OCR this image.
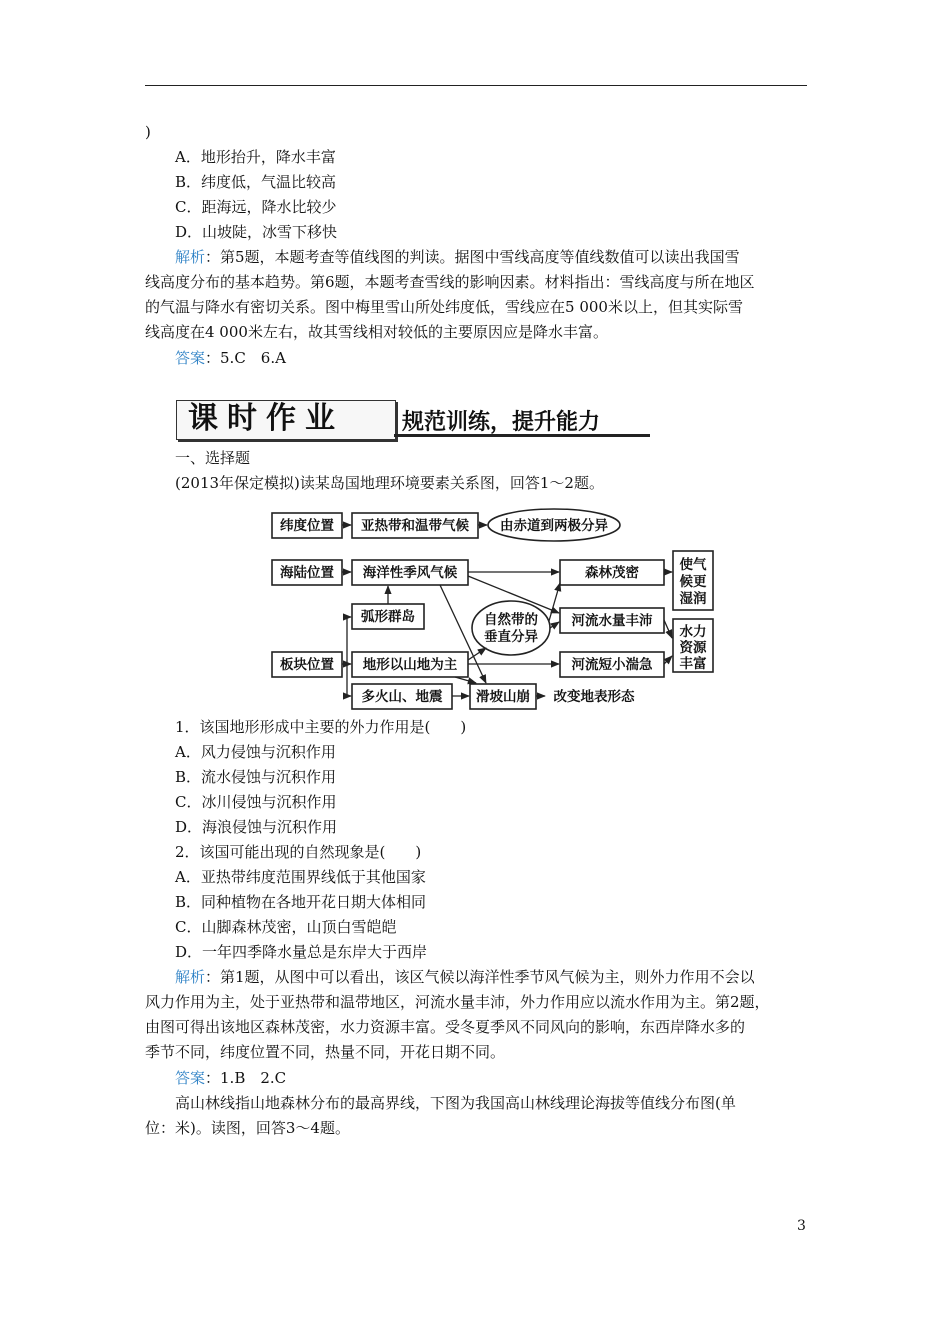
)
A．地形抬升，降水丰富
B．纬度低，气温比较高
C．距海远，降水比较少
D．山坡陡，冰雪下移快
解析：第5题，本题考查等值线图的判读。据图中雪线高度等值线数值可以读出我国雪
线高度分布的基本趋势。第6题，本题考查雪线的影响因素。材料指出：雪线高度与所在地区
的气温与降水有密切关系。图中梅里雪山所处纬度低，雪线应在5 000米以上，但其实际雪
线高度在4 000米左右，故其雪线相对较低的主要原因应是降水丰富。
答案：5.C　6.A
课时作业	规范训练，提升能力
一、选择题
(2013年保定模拟)读某岛国地理环境要素关系图，回答1～2题。
纬度位置 亚热带和温带气候 由赤道到两极分异
海陆位置 海洋性季风气候	森林茂密	使气
候更
湿润
弧形群岛	自然带的
垂直分异
河流水量丰沛
水力
资源
丰富
板块位置 地形以山地为主	河流短小湍急
多火山、地震 滑坡山崩 改变地表形态
1．该国地形形成中主要的外力作用是(　　)
A．风力侵蚀与沉积作用
B．流水侵蚀与沉积作用
C．冰川侵蚀与沉积作用
D．海浪侵蚀与沉积作用
2．该国可能出现的自然现象是(　　)
A．亚热带纬度范围界线低于其他国家
B．同种植物在各地开花日期大体相同
C．山脚森林茂密，山顶白雪皑皑
D．一年四季降水量总是东岸大于西岸
解析：第1题，从图中可以看出，该区气候以海洋性季节风气候为主，则外力作用不会以
风力作用为主，处于亚热带和温带地区，河流水量丰沛，外力作用应以流水作用为主。第2题，
由图可得出该地区森林茂密，水力资源丰富。受冬夏季风不同风向的影响，东西岸降水多的
季节不同，纬度位置不同，热量不同，开花日期不同。
答案：1.B　2.C
高山林线指山地森林分布的最高界线，下图为我国高山林线理论海拔等值线分布图(单
位：米)。读图，回答3～4题。
3
